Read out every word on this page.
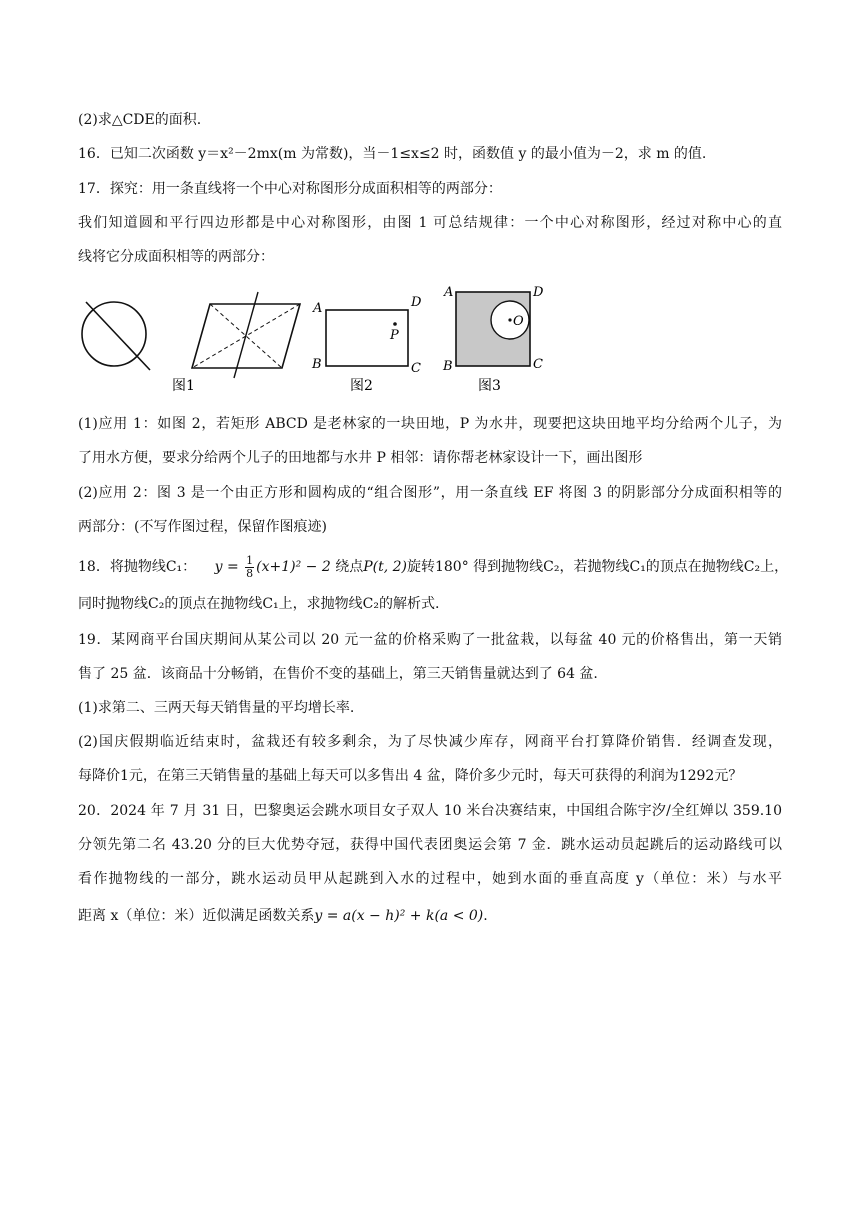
(2)求△CDE的面积.
16．已知二次函数 y＝x²－2mx(m 为常数)，当－1≤x≤2 时，函数值 y 的最小值为－2，求 m 的值.
17．探究：用一条直线将一个中心对称图形分成面积相等的两部分：
我们知道圆和平行四边形都是中心对称图形，由图 1 可总结规律：一个中心对称图形，经过对称中心的直
线将它分成面积相等的两部分：
图1
A	D
B	C
P
图2
A	D
B	C
O
图3
(1)应用 1：如图 2，若矩形 ABCD 是老林家的一块田地，P 为水井，现要把这块田地平均分给两个儿子，为
了用水方便，要求分给两个儿子的田地都与水井 P 相邻：请你帮老林家设计一下，画出图形
(2)应用 2：图 3 是一个由正方形和圆构成的“组合图形”，用一条直线 EF 将图 3 的阴影部分分成面积相等的
两部分：(不写作图过程，保留作图痕迹)
18．将抛物线C₁： $y = \frac{1}{8} (x+1)^2 - 2$ 绕点P(t, 2)旋转180° 得到抛物线C₂，若抛物线C₁的顶点在抛物线C₂上，
同时抛物线C₂的顶点在抛物线C₁上，求抛物线C₂的解析式.
19．某网商平台国庆期间从某公司以 20 元一盆的价格采购了一批盆栽，以每盆 40 元的价格售出，第一天销
售了 25 盆．该商品十分畅销，在售价不变的基础上，第三天销售量就达到了 64 盆.
(1)求第二、三两天每天销售量的平均增长率.
(2)国庆假期临近结束时，盆栽还有较多剩余，为了尽快减少库存，网商平台打算降价销售．经调查发现，
每降价1元，在第三天销售量的基础上每天可以多售出 4 盆，降价多少元时，每天可获得的利润为1292元？
20．2024 年 7 月 31 日，巴黎奥运会跳水项目女子双人 10 米台决赛结束，中国组合陈宇汐/全红婵以 359.10
分领先第二名 43.20 分的巨大优势夺冠，获得中国代表团奥运会第 7 金．跳水运动员起跳后的运动路线可以
看作抛物线的一部分，跳水运动员甲从起跳到入水的过程中，她到水面的垂直高度 y（单位：米）与水平
距离 x（单位：米）近似满足函数关系y = a(x − h)² + k(a < 0).
